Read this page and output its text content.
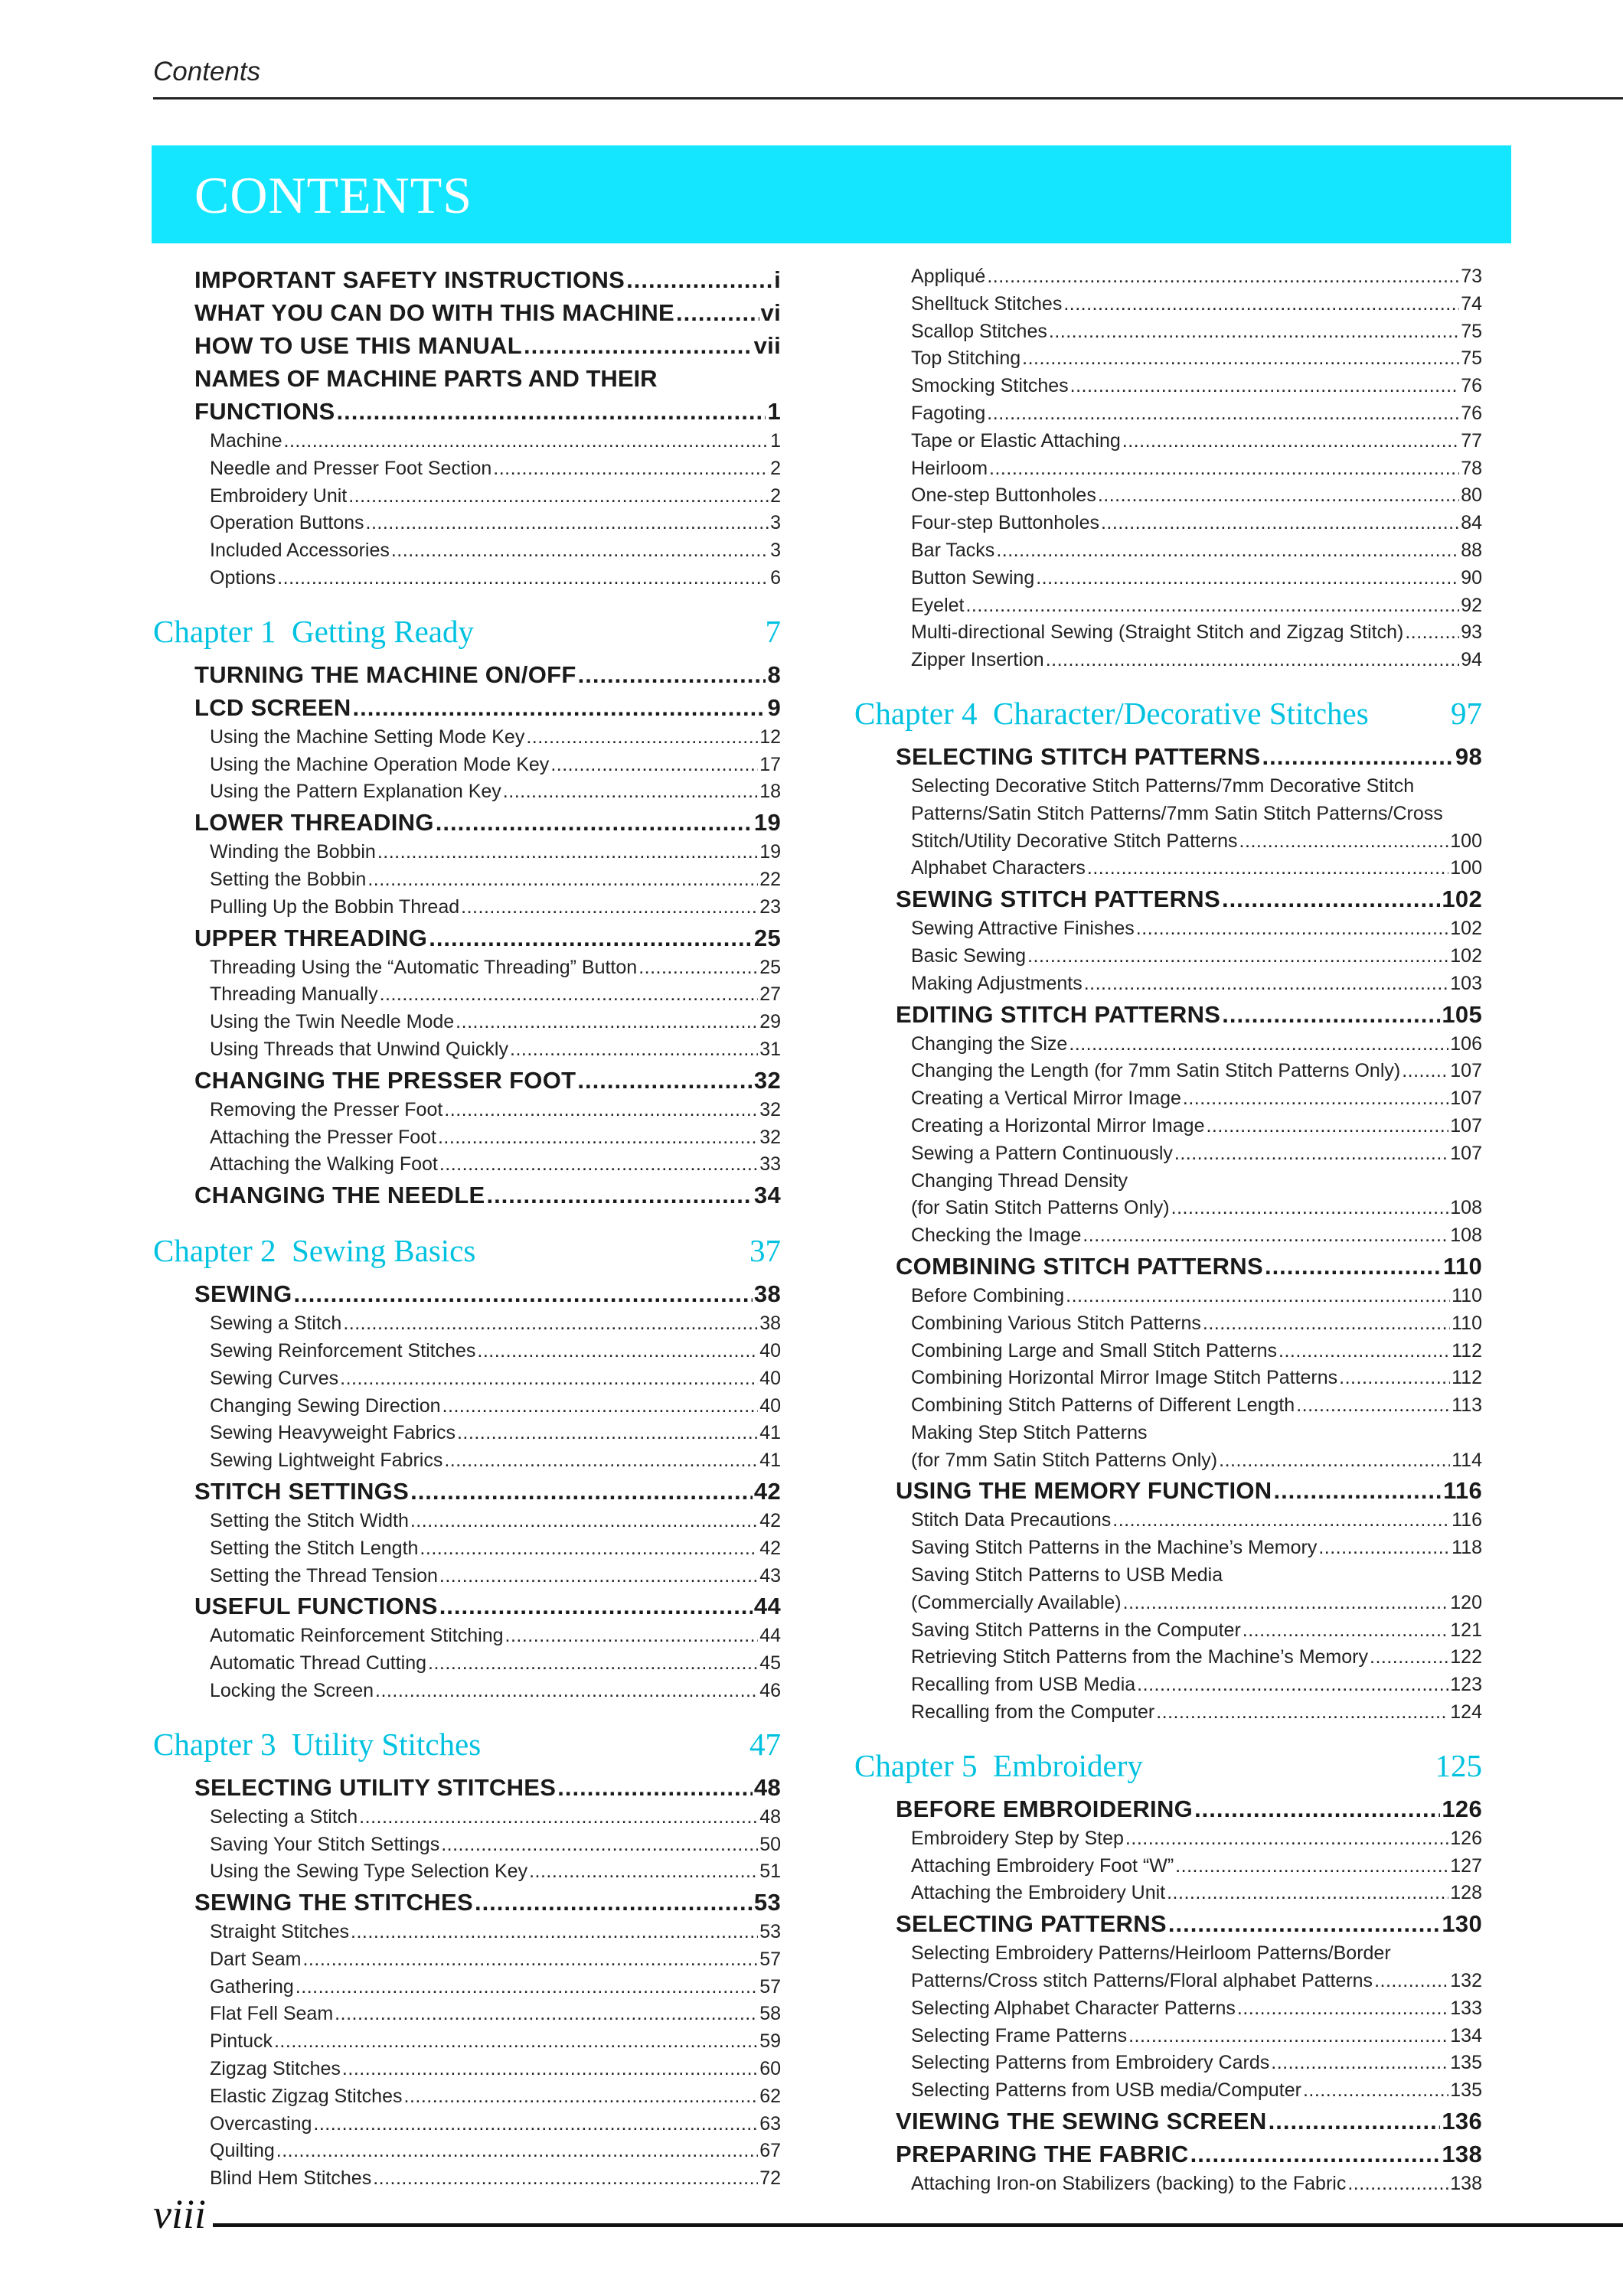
Contents
CONTENTS
IMPORTANT SAFETY INSTRUCTIONS .....	i
WHAT YOU CAN DO WITH THIS MACHINE .....	vi
HOW TO USE THIS MANUAL .....	vii
NAMES OF MACHINE PARTS AND THEIR
FUNCTIONS .....	1
Machine .....	1
Needle and Presser Foot Section .....	2
Embroidery Unit .....	2
Operation Buttons .....	3
Included Accessories .....	3
Options .....	6
Chapter 1  Getting Ready	7
TURNING THE MACHINE ON/OFF .....	8
LCD SCREEN .....	9
Using the Machine Setting Mode Key .....	12
Using the Machine Operation Mode Key .....	17
Using the Pattern Explanation Key .....	18
LOWER THREADING .....	19
Winding the Bobbin .....	19
Setting the Bobbin .....	22
Pulling Up the Bobbin Thread .....	23
UPPER THREADING .....	25
Threading Using the “Automatic Threading” Button .....	25
Threading Manually .....	27
Using the Twin Needle Mode .....	29
Using Threads that Unwind Quickly .....	31
CHANGING THE PRESSER FOOT .....	32
Removing the Presser Foot .....	32
Attaching the Presser Foot .....	32
Attaching the Walking Foot .....	33
CHANGING THE NEEDLE .....	34
Chapter 2  Sewing Basics	37
SEWING .....	38
Sewing a Stitch .....	38
Sewing Reinforcement Stitches .....	40
Sewing Curves .....	40
Changing Sewing Direction .....	40
Sewing Heavyweight Fabrics .....	41
Sewing Lightweight Fabrics .....	41
STITCH SETTINGS .....	42
Setting the Stitch Width .....	42
Setting the Stitch Length .....	42
Setting the Thread Tension .....	43
USEFUL FUNCTIONS .....	44
Automatic Reinforcement Stitching .....	44
Automatic Thread Cutting .....	45
Locking the Screen .....	46
Chapter 3  Utility Stitches	47
SELECTING UTILITY STITCHES .....	48
Selecting a Stitch .....	48
Saving Your Stitch Settings .....	50
Using the Sewing Type Selection Key .....	51
SEWING THE STITCHES .....	53
Straight Stitches .....	53
Dart Seam .....	57
Gathering .....	57
Flat Fell Seam .....	58
Pintuck .....	59
Zigzag Stitches .....	60
Elastic Zigzag Stitches .....	62
Overcasting .....	63
Quilting .....	67
Blind Hem Stitches .....	72
Appliqué .....	73
Shelltuck Stitches .....	74
Scallop Stitches .....	75
Top Stitching .....	75
Smocking Stitches .....	76
Fagoting .....	76
Tape or Elastic Attaching .....	77
Heirloom .....	78
One-step Buttonholes .....	80
Four-step Buttonholes .....	84
Bar Tacks .....	88
Button Sewing .....	90
Eyelet .....	92
Multi-directional Sewing (Straight Stitch and Zigzag Stitch) .....	93
Zipper Insertion .....	94
Chapter 4  Character/Decorative Stitches	97
SELECTING STITCH PATTERNS .....	98
Selecting Decorative Stitch Patterns/7mm Decorative Stitch
Patterns/Satin Stitch Patterns/7mm Satin Stitch Patterns/Cross
Stitch/Utility Decorative Stitch Patterns .....	100
Alphabet Characters .....	100
SEWING STITCH PATTERNS .....	102
Sewing Attractive Finishes .....	102
Basic Sewing .....	102
Making Adjustments .....	103
EDITING STITCH PATTERNS .....	105
Changing the Size .....	106
Changing the Length (for 7mm Satin Stitch Patterns Only) .....	107
Creating a Vertical Mirror Image .....	107
Creating a Horizontal Mirror Image .....	107
Sewing a Pattern Continuously .....	107
Changing Thread Density
(for Satin Stitch Patterns Only) .....	108
Checking the Image .....	108
COMBINING STITCH PATTERNS .....	110
Before Combining .....	110
Combining Various Stitch Patterns .....	110
Combining Large and Small Stitch Patterns .....	112
Combining Horizontal Mirror Image Stitch Patterns .....	112
Combining Stitch Patterns of Different Length .....	113
Making Step Stitch Patterns
(for 7mm Satin Stitch Patterns Only) .....	114
USING THE MEMORY FUNCTION .....	116
Stitch Data Precautions .....	116
Saving Stitch Patterns in the Machine’s Memory .....	118
Saving Stitch Patterns to USB Media
(Commercially Available) .....	120
Saving Stitch Patterns in the Computer .....	121
Retrieving Stitch Patterns from the Machine’s Memory .....	122
Recalling from USB Media .....	123
Recalling from the Computer .....	124
Chapter 5  Embroidery	125
BEFORE EMBROIDERING .....	126
Embroidery Step by Step .....	126
Attaching Embroidery Foot “W” .....	127
Attaching the Embroidery Unit .....	128
SELECTING PATTERNS .....	130
Selecting Embroidery Patterns/Heirloom Patterns/Border
Patterns/Cross stitch Patterns/Floral alphabet Patterns .....	132
Selecting Alphabet Character Patterns .....	133
Selecting Frame Patterns .....	134
Selecting Patterns from Embroidery Cards .....	135
Selecting Patterns from USB media/Computer .....	135
VIEWING THE SEWING SCREEN .....	136
PREPARING THE FABRIC .....	138
Attaching Iron-on Stabilizers (backing) to the Fabric .....	138
viii
